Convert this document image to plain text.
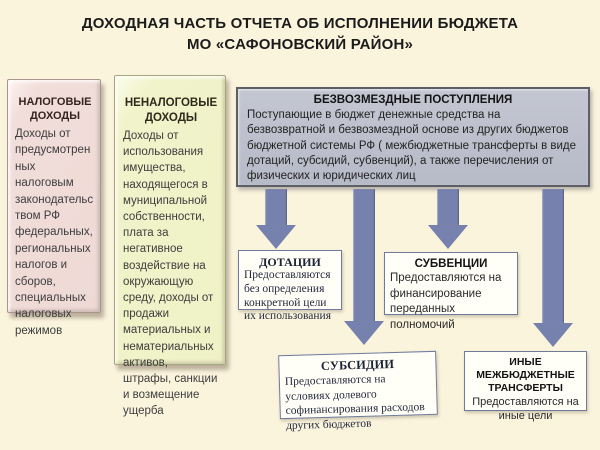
ДОХОДНАЯ ЧАСТЬ ОТЧЕТА ОБ ИСПОЛНЕНИИ БЮДЖЕТА
МО «САФОНОВСКИЙ РАЙОН»
НАЛОГОВЫЕ ДОХОДЫ
Доходы от предусмотренных налоговым законодательством РФ федеральных, региональных налогов и сборов, специальных налоговых режимов
НЕНАЛОГОВЫЕ ДОХОДЫ
Доходы от использования имущества, находящегося в муниципальной собственности, плата за негативное воздействие на окружающую среду, доходы от продажи материальных и нематериальных активов, штрафы, санкции и возмещение ущерба
БЕЗВОЗМЕЗДНЫЕ ПОСТУПЛЕНИЯ
Поступающие в бюджет денежные средства на безвозвратной и безвозмездной основе из других бюджетов бюджетной системы РФ ( межбюджетные трансферты в виде дотаций, субсидий, субвенций), а также перечисления от физических и юридических лиц
ДОТАЦИИ
Предоставляются без определения конкретной цели их использования
СУБВЕНЦИИ
Предоставляются на финансирование переданных полномочий
СУБСИДИИ
Предоставляются на условиях долевого софинансирования расходов других бюджетов
ИНЫЕ МЕЖБЮДЖЕТНЫЕ ТРАНСФЕРТЫ
Предоставляются на иные цели
